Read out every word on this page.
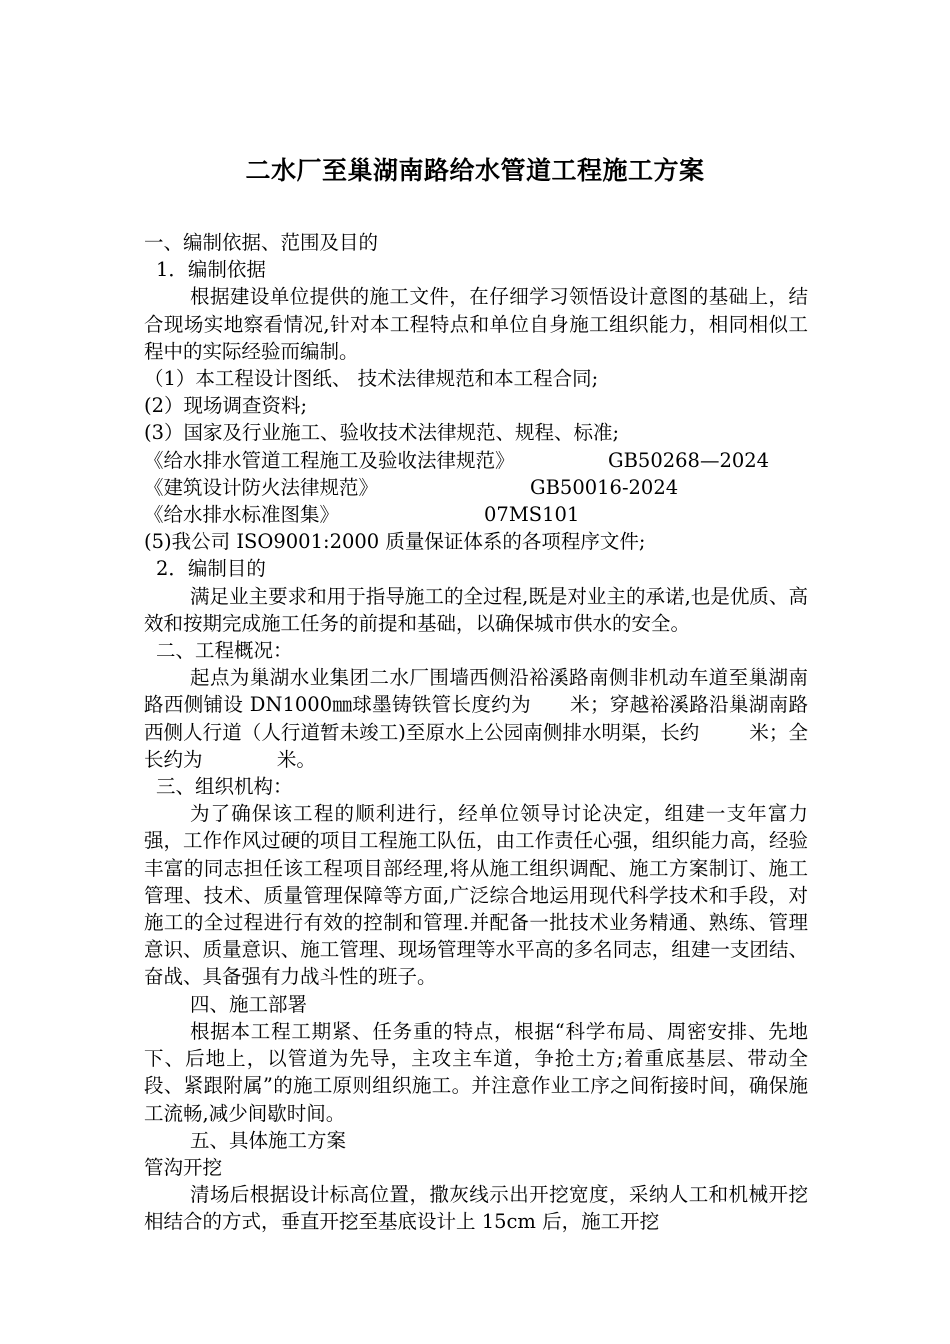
二水厂至巢湖南路给水管道工程施工方案

一、编制依据、范围及目的

1．编制依据

根据建设单位提供的施工文件，在仔细学习领悟设计意图的基础上，结合现场实地察看情况,针对本工程特点和单位自身施工组织能力，相同相似工程中的实际经验而编制。

（1）本工程设计图纸、 技术法律规范和本工程合同;

(2）现场调查资料;

(3）国家及行业施工、验收技术法律规范、规程、标准;

《给水排水管道工程施工及验收法律规范》	GB50268—2024

《建筑设计防火法律规范》	GB50016-2024

《给水排水标准图集》	07MS101

(5)我公司 ISO9001:2000 质量保证体系的各项程序文件;

2．编制目的

满足业主要求和用于指导施工的全过程,既是对业主的承诺,也是优质、高效和按期完成施工任务的前提和基础，以确保城市供水的安全。

二、工程概况：

起点为巢湖水业集团二水厂围墙西侧沿裕溪路南侧非机动车道至巢湖南路西侧铺设 DN1000㎜球墨铸铁管长度约为      米；穿越裕溪路沿巢湖南路西侧人行道（人行道暂未竣工)至原水上公园南侧排水明渠，长约        米；全长约为            米。

三、组织机构：

为了确保该工程的顺利进行，经单位领导讨论决定，组建一支年富力强，工作作风过硬的项目工程施工队伍，由工作责任心强，组织能力高，经验丰富的同志担任该工程项目部经理,将从施工组织调配、施工方案制订、施工管理、技术、质量管理保障等方面,广泛综合地运用现代科学技术和手段，对施工的全过程进行有效的控制和管理.并配备一批技术业务精通、熟练、管理意识、质量意识、施工管理、现场管理等水平高的多名同志，组建一支团结、奋战、具备强有力战斗性的班子。

四、施工部署

根据本工程工期紧、任务重的特点，根据“科学布局、周密安排、先地下、后地上，以管道为先导，主攻主车道，争抢土方;着重底基层、带动全段、紧跟附属”的施工原则组织施工。并注意作业工序之间衔接时间，确保施工流畅,减少间歇时间。

五、具体施工方案

管沟开挖

清场后根据设计标高位置，撒灰线示出开挖宽度，采纳人工和机械开挖相结合的方式，垂直开挖至基底设计上 15cm 后，施工开挖
